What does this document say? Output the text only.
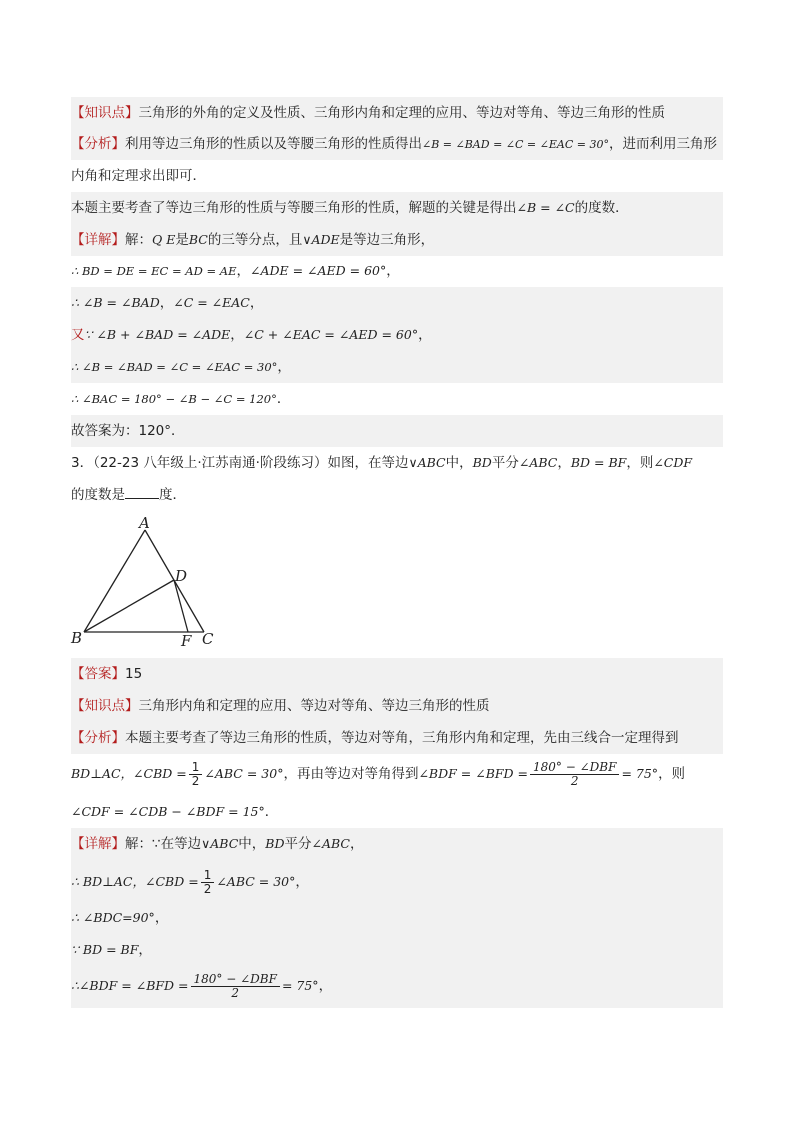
【知识点】三角形的外角的定义及性质、三角形内角和定理的应用、等边对等角、等边三角形的性质
【分析】利用等边三角形的性质以及等腰三角形的性质得出∠B = ∠BAD = ∠C = ∠EAC = 30°，进而利用三角形
内角和定理求出即可．
本题主要考查了等边三角形的性质与等腰三角形的性质，解题的关键是得出∠B = ∠C的度数．
【详解】解：Q E是BC的三等分点，且∨ADE是等边三角形，
∴ BD = DE = EC = AD = AE，∠ADE = ∠AED = 60°，
∴ ∠B = ∠BAD，∠C = ∠EAC，
又∵ ∠B + ∠BAD = ∠ADE，∠C + ∠EAC = ∠AED = 60°，
∴ ∠B = ∠BAD = ∠C = ∠EAC = 30°，
∴ ∠BAC = 180° − ∠B − ∠C = 120°．
故答案为：120°．
3．（22-23 八年级上·江苏南通·阶段练习）如图，在等边∨ABC中，BD平分∠ABC，BD = BF，则∠CDF
的度数是	度．
A
B	C
D
F
【答案】15
【知识点】三角形内角和定理的应用、等边对等角、等边三角形的性质
【分析】本题主要考查了等边三角形的性质，等边对等角，三角形内角和定理，先由三线合一定理得到
BD⊥AC，∠CBD = $\frac{1}{2}$ ∠ABC = 30°，再由等边对等角得到∠BDF = ∠BFD = $\frac{\text{180° − ∠DBF}}{2} = 75^\circ$，则
∠CDF = ∠CDB − ∠BDF = 15°．
【详解】解：∵在等边∨ABC中，BD平分∠ABC，
∴ BD⊥AC，∠CBD = $\frac{1}{2}$ ∠ABC = 30°，
∴ ∠BDC=90°，
∵ BD = BF，
∴∠BDF = ∠BFD = $\frac{\text{180° − ∠DBF}}{2} = 75^\circ$，
